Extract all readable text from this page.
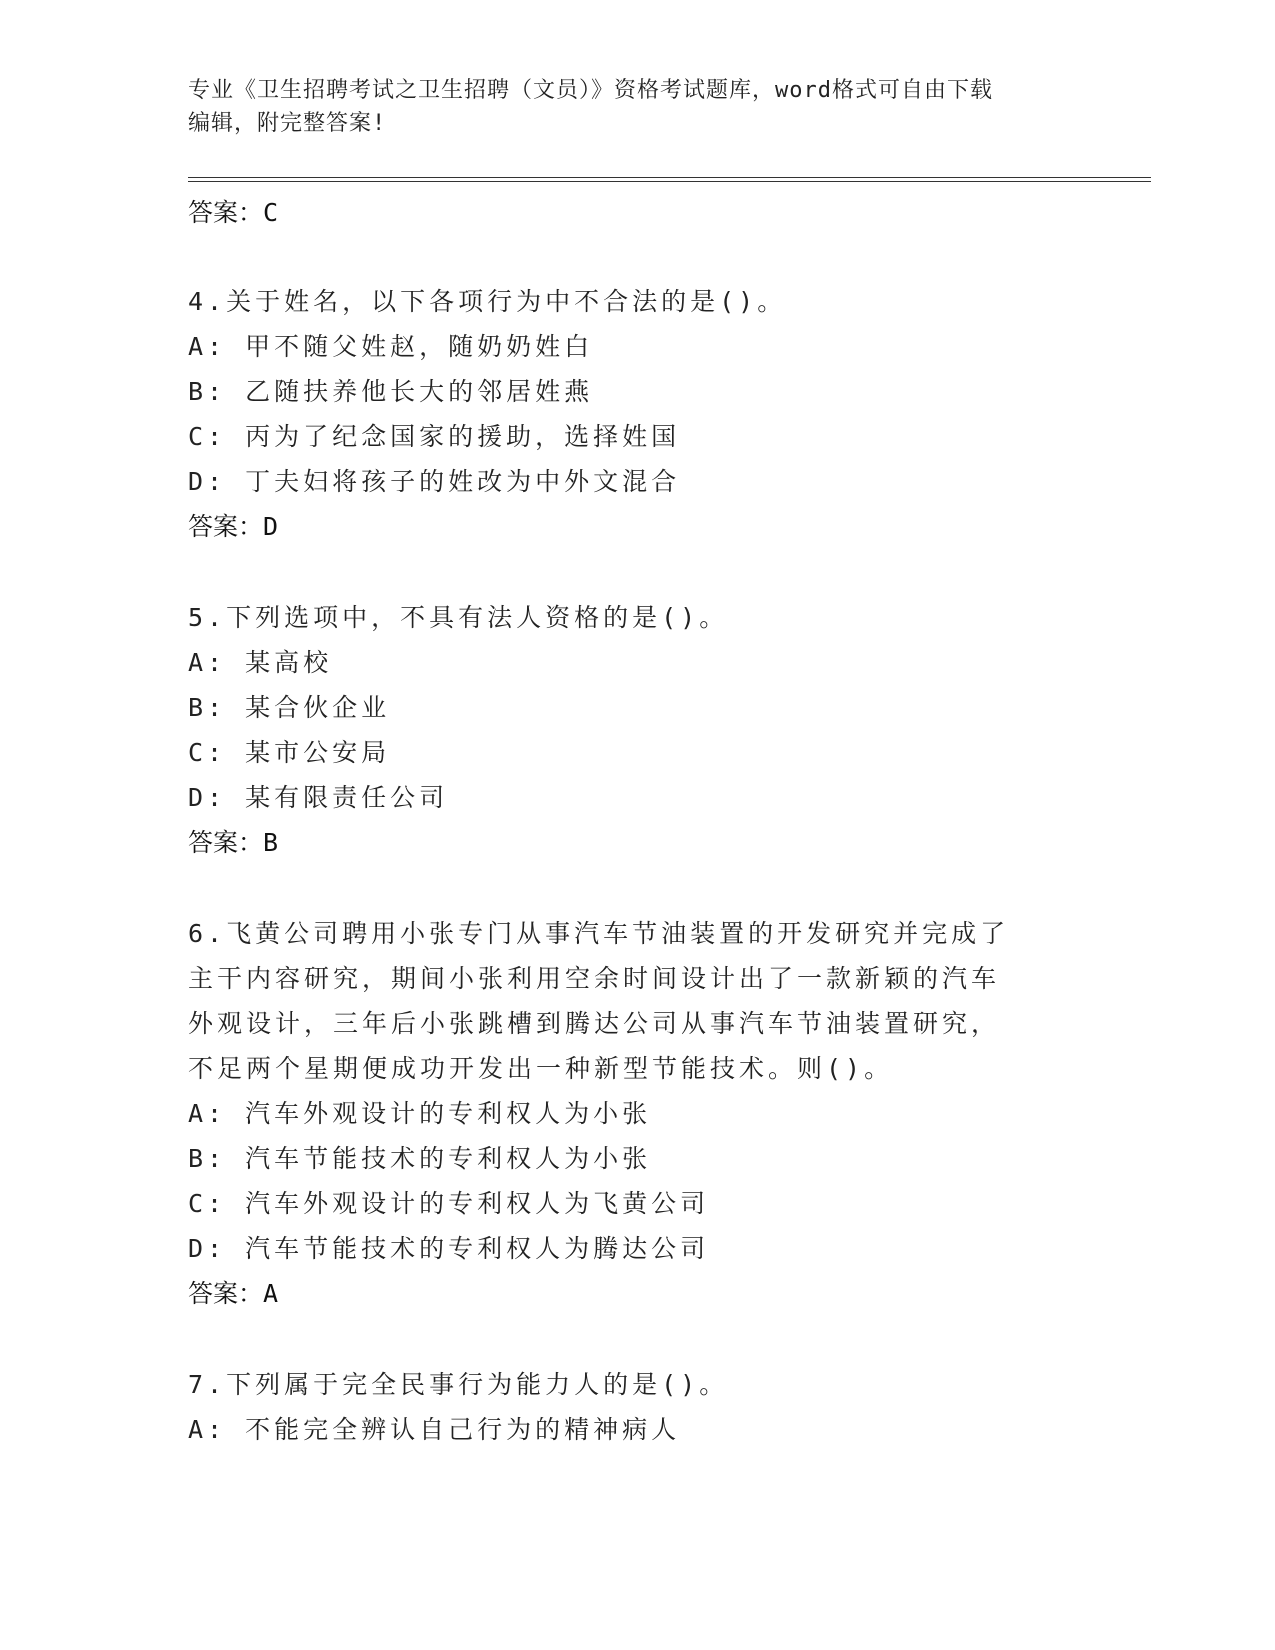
专业《卫生招聘考试之卫生招聘（文员）》资格考试题库，word格式可自由下载
编辑，附完整答案!
答案：C
4.关于姓名，以下各项行为中不合法的是()。
A: 甲不随父姓赵，随奶奶姓白
B: 乙随扶养他长大的邻居姓燕
C: 丙为了纪念国家的援助，选择姓国
D: 丁夫妇将孩子的姓改为中外文混合
答案：D
5.下列选项中，不具有法人资格的是()。
A: 某高校
B: 某合伙企业
C: 某市公安局
D: 某有限责任公司
答案：B
6.飞黄公司聘用小张专门从事汽车节油装置的开发研究并完成了主干内容研究，期间小张利用空余时间设计出了一款新颖的汽车外观设计，三年后小张跳槽到腾达公司从事汽车节油装置研究，不足两个星期便成功开发出一种新型节能技术。则()。
A: 汽车外观设计的专利权人为小张
B: 汽车节能技术的专利权人为小张
C: 汽车外观设计的专利权人为飞黄公司
D: 汽车节能技术的专利权人为腾达公司
答案：A
7.下列属于完全民事行为能力人的是()。
A: 不能完全辨认自己行为的精神病人
